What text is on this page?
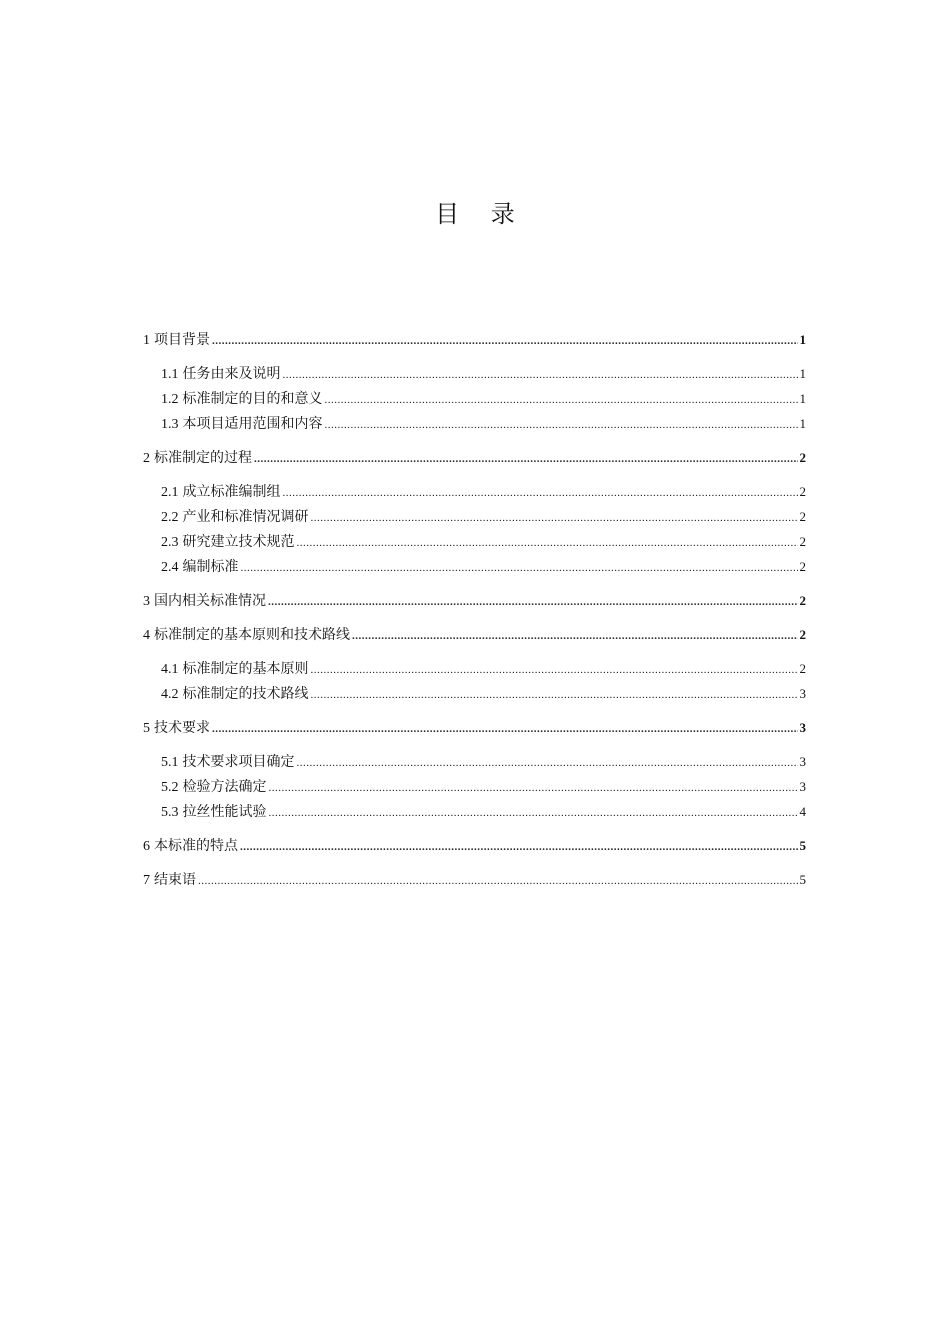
目 录
1 项目背景 .....	1
1.1 任务由来及说明 .....	1
1.2 标准制定的目的和意义 .....	1
1.3 本项目适用范围和内容 .....	1
2 标准制定的过程 .....	2
2.1 成立标准编制组 .....	2
2.2 产业和标准情况调研 .....	2
2.3 研究建立技术规范 .....	2
2.4 编制标准 .....	2
3 国内相关标准情况 .....	2
4 标准制定的基本原则和技术路线 .....	2
4.1 标准制定的基本原则 .....	2
4.2 标准制定的技术路线 .....	3
5 技术要求 .....	3
5.1 技术要求项目确定 .....	3
5.2 检验方法确定 .....	3
5.3 拉丝性能试验 .....	4
6 本标准的特点 .....	5
7 结束语 .....	5
